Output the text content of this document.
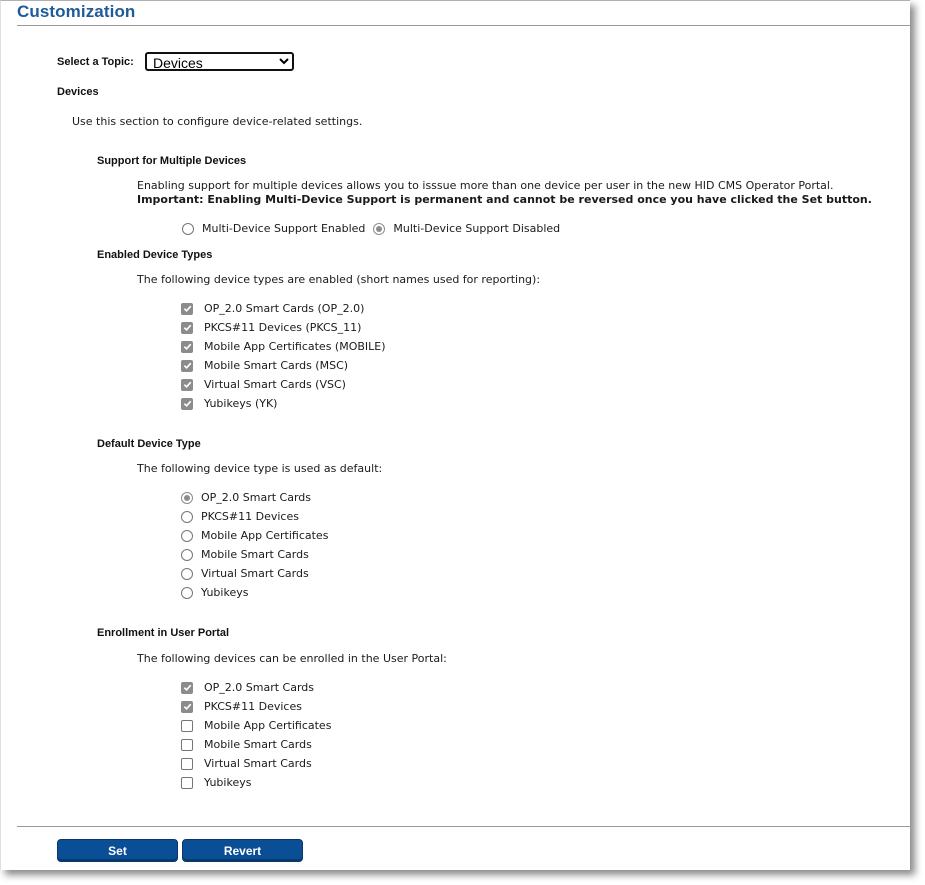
Customization
Select a Topic:
Devices
Devices
Use this section to configure device-related settings.
Support for Multiple Devices
Enabling support for multiple devices allows you to isssue more than one device per user in the new HID CMS Operator Portal.
Important: Enabling Multi-Device Support is permanent and cannot be reversed once you have clicked the Set button.
Multi-Device Support Enabled	Multi-Device Support Disabled
Enabled Device Types
The following device types are enabled (short names used for reporting):
OP_2.0 Smart Cards (OP_2.0)
PKCS#11 Devices (PKCS_11)
Mobile App Certificates (MOBILE)
Mobile Smart Cards (MSC)
Virtual Smart Cards (VSC)
Yubikeys (YK)
Default Device Type
The following device type is used as default:
OP_2.0 Smart Cards
PKCS#11 Devices
Mobile App Certificates
Mobile Smart Cards
Virtual Smart Cards
Yubikeys
Enrollment in User Portal
The following devices can be enrolled in the User Portal:
OP_2.0 Smart Cards
PKCS#11 Devices
Mobile App Certificates
Mobile Smart Cards
Virtual Smart Cards
Yubikeys
Set	Revert
